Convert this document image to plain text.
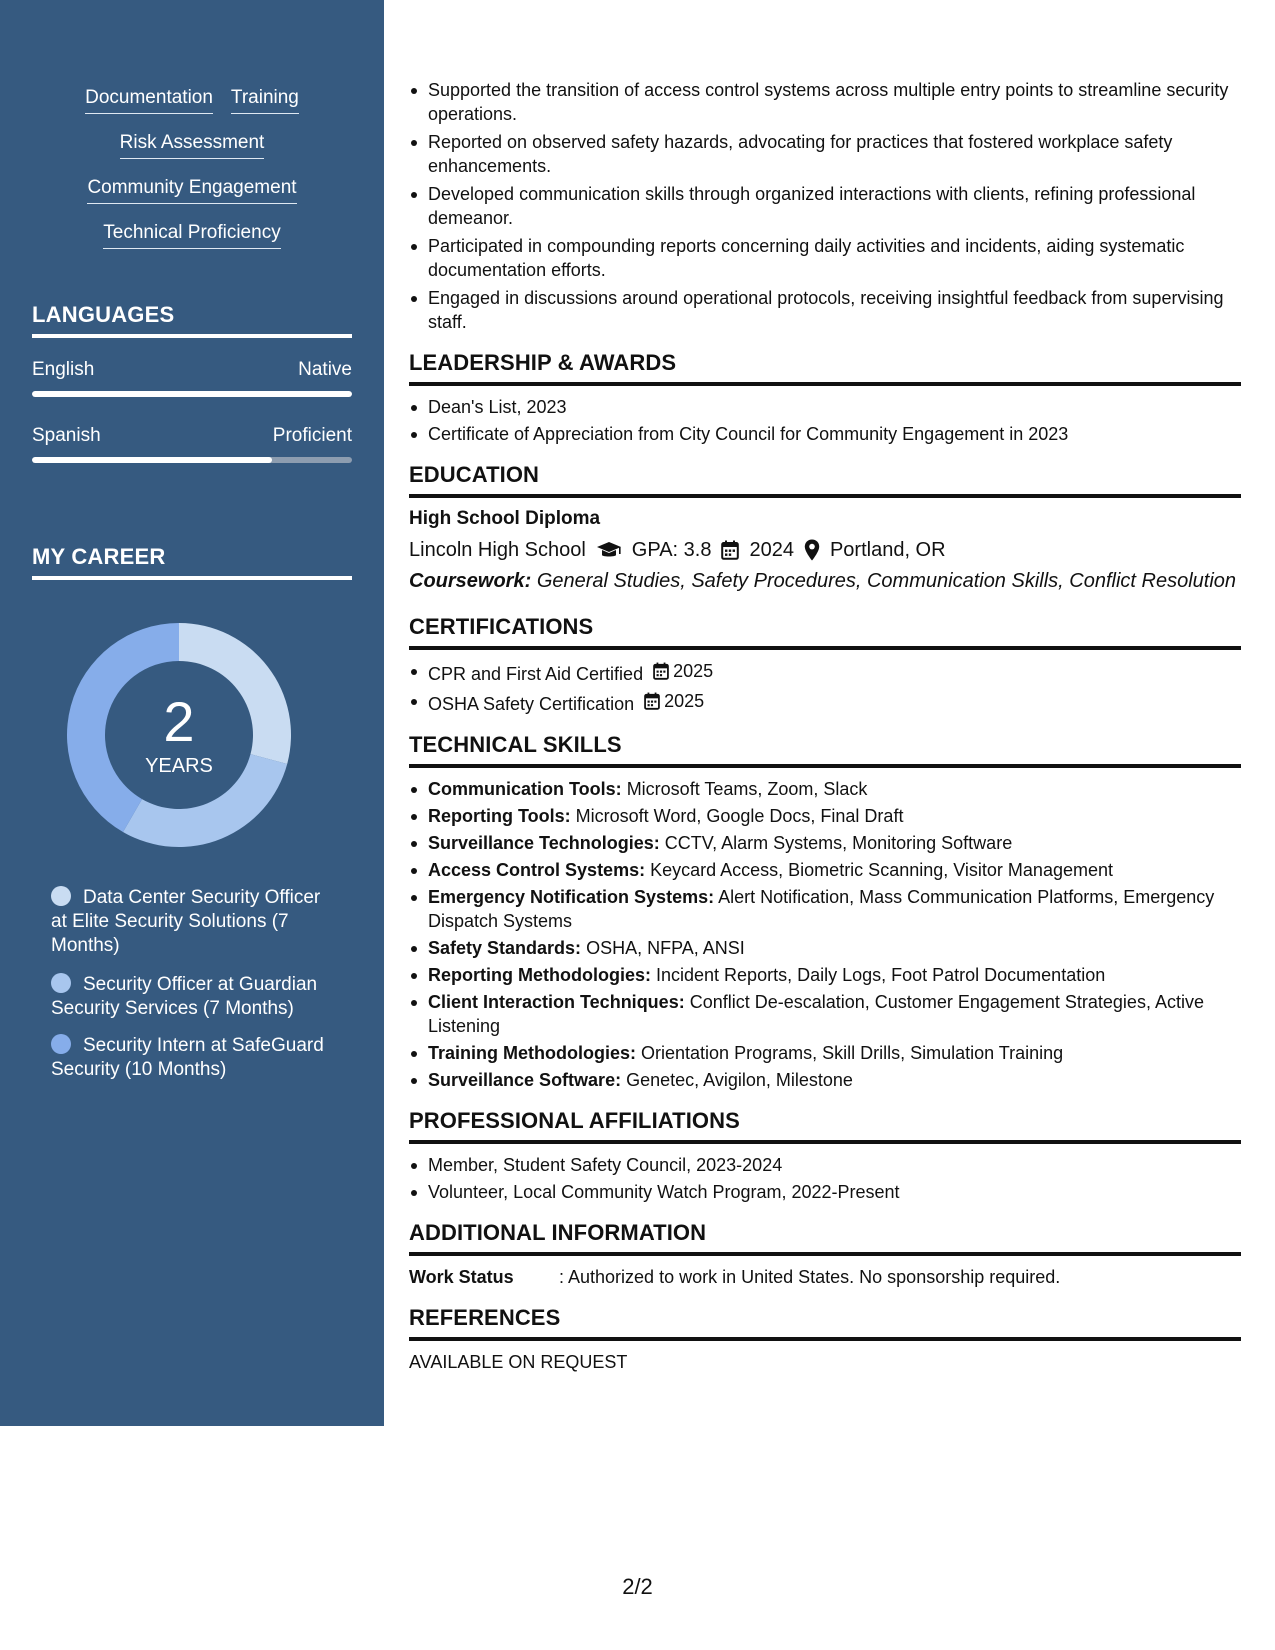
Documentation Training
Risk Assessment
Community Engagement
Technical Proficiency
LANGUAGES
English	Native
Spanish	Proficient
MY CAREER
2
YEARS
Data Center Security Officer at Elite Security Solutions (7 Months)
Security Officer at Guardian Security Services (7 Months)
Security Intern at SafeGuard Security (10 Months)
Supported the transition of access control systems across multiple entry points to streamline security operations.
Reported on observed safety hazards, advocating for practices that fostered workplace safety enhancements.
Developed communication skills through organized interactions with clients, refining professional demeanor.
Participated in compounding reports concerning daily activities and incidents, aiding systematic documentation efforts.
Engaged in discussions around operational protocols, receiving insightful feedback from supervising staff.
LEADERSHIP & AWARDS
Dean's List, 2023
Certificate of Appreciation from City Council for Community Engagement in 2023
EDUCATION
High School Diploma
Lincoln High School GPA: 3.8 2024 Portland, OR
Coursework: General Studies, Safety Procedures, Communication Skills, Conflict Resolution
CERTIFICATIONS
CPR and First Aid Certified 2025
OSHA Safety Certification 2025
TECHNICAL SKILLS
Communication Tools: Microsoft Teams, Zoom, Slack
Reporting Tools: Microsoft Word, Google Docs, Final Draft
Surveillance Technologies: CCTV, Alarm Systems, Monitoring Software
Access Control Systems: Keycard Access, Biometric Scanning, Visitor Management
Emergency Notification Systems: Alert Notification, Mass Communication Platforms, Emergency Dispatch Systems
Safety Standards: OSHA, NFPA, ANSI
Reporting Methodologies: Incident Reports, Daily Logs, Foot Patrol Documentation
Client Interaction Techniques: Conflict De-escalation, Customer Engagement Strategies, Active Listening
Training Methodologies: Orientation Programs, Skill Drills, Simulation Training
Surveillance Software: Genetec, Avigilon, Milestone
PROFESSIONAL AFFILIATIONS
Member, Student Safety Council, 2023-2024
Volunteer, Local Community Watch Program, 2022-Present
ADDITIONAL INFORMATION
Work Status	: Authorized to work in United States. No sponsorship required.
REFERENCES
AVAILABLE ON REQUEST
2/2
